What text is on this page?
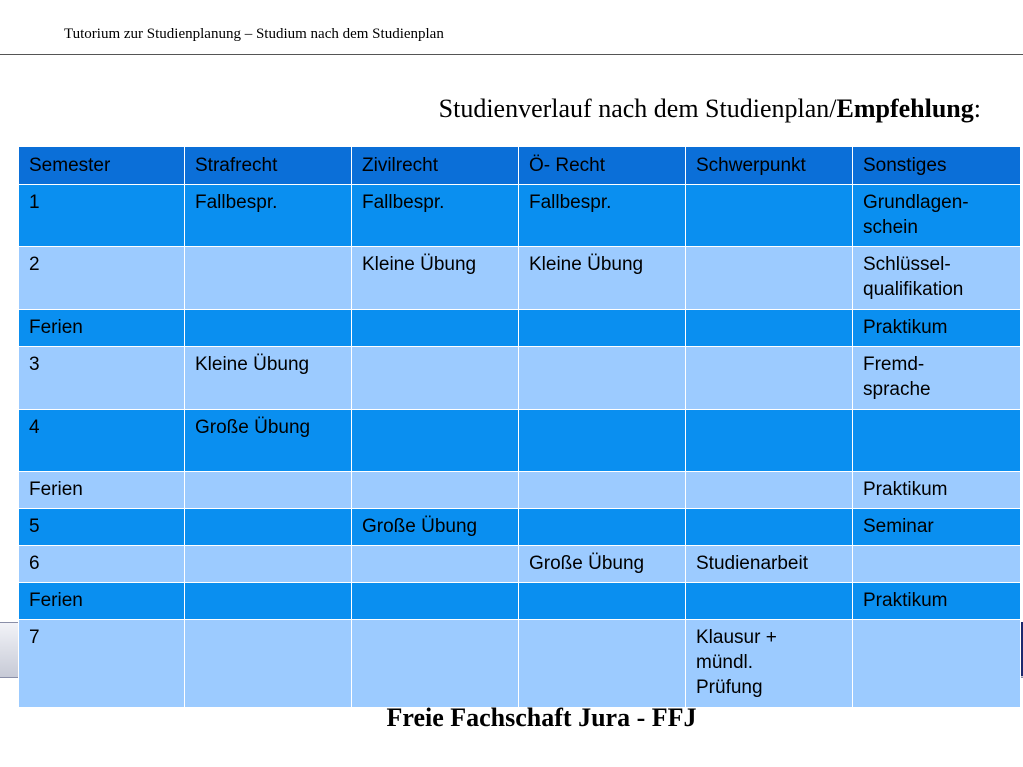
Tutorium zur Studienplanung – Studium nach dem Studienplan
Studienverlauf nach dem Studienplan/Empfehlung:
Semester	Strafrecht	Zivilrecht	Ö- Recht	Schwerpunkt	Sonstiges
1	Fallbespr.	Fallbespr.	Fallbespr.		Grundlagen-
schein
2		Kleine Übung	Kleine Übung		Schlüssel-
qualifikation
Ferien					Praktikum
3	Kleine Übung				Fremd-
sprache
4	Große Übung				
Ferien					Praktikum
5		Große Übung			Seminar
6			Große Übung	Studienarbeit	
Ferien					Praktikum
7				Klausur +
mündl.
Prüfung	
Freie Fachschaft Jura - FFJ
